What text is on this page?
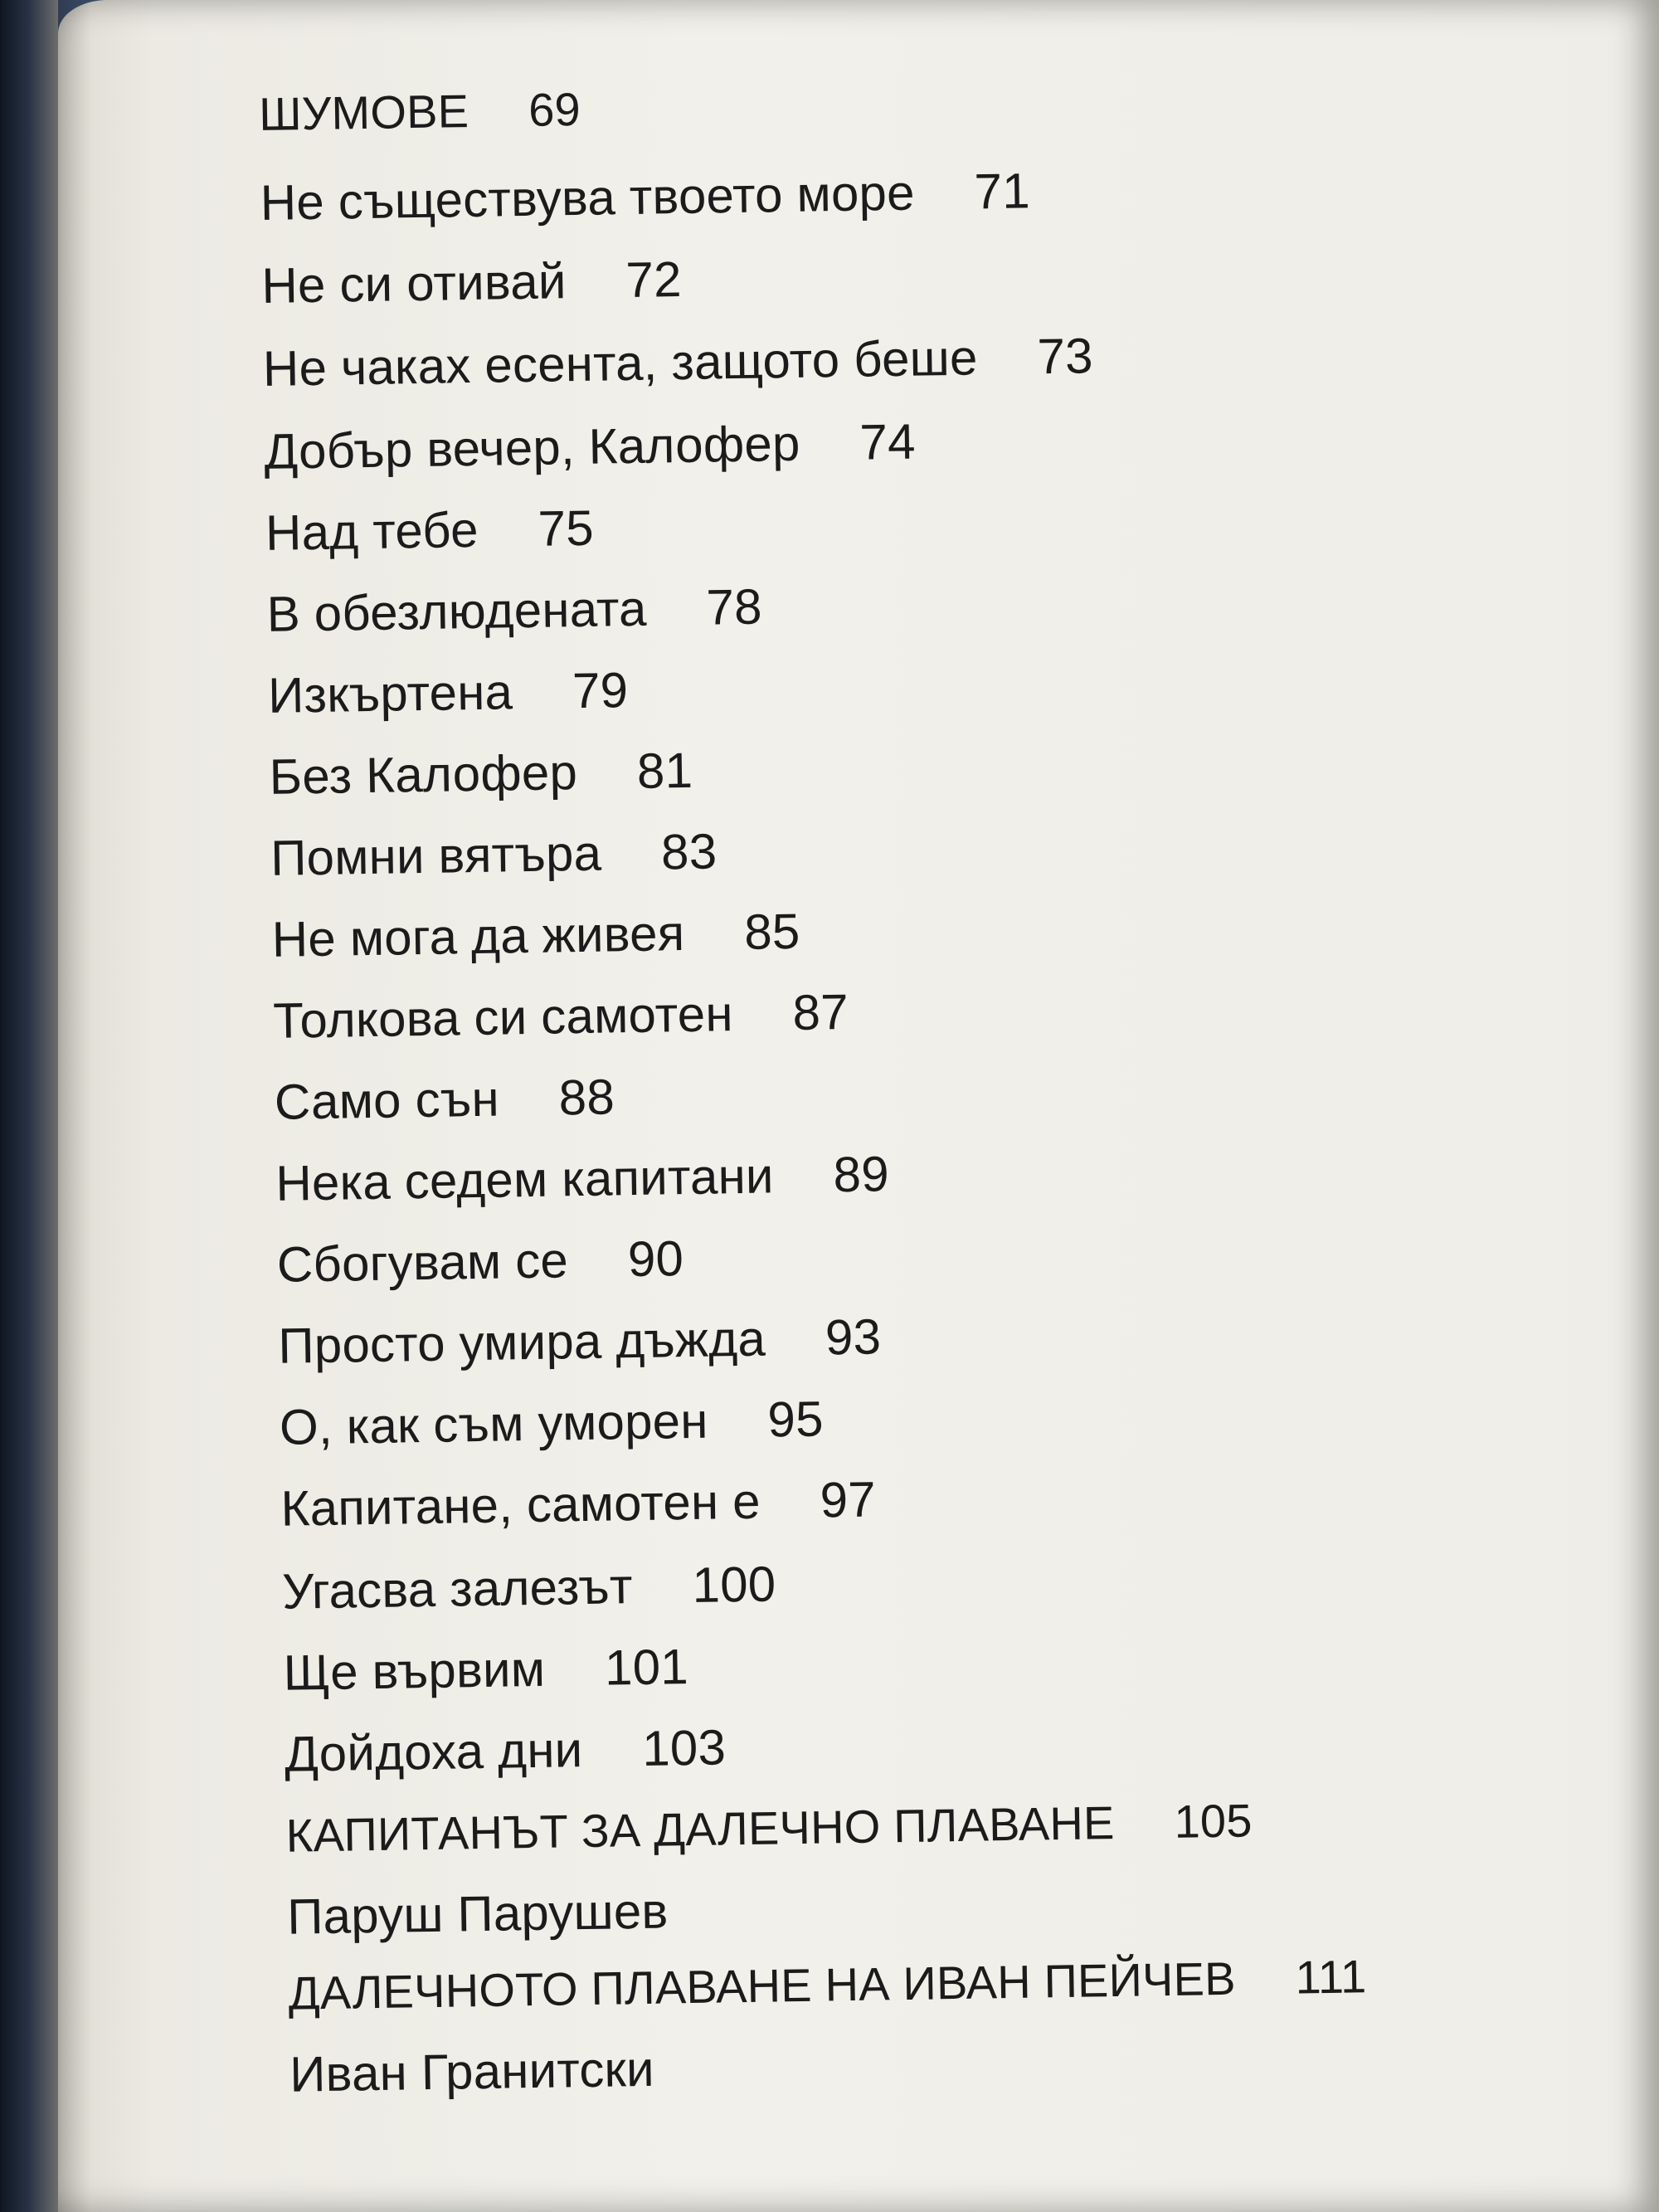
ШУМОВЕ 69
Не съществува твоето море 71
Не си отивай 72
Не чаках есента, защото беше 73
Добър вечер, Калофер 74
Над тебе 75
В обезлюдената 78
Изкъртена 79
Без Калофер 81
Помни вятъра 83
Не мога да живея 85
Толкова си самотен 87
Само сън 88
Нека седем капитани 89
Сбогувам се 90
Просто умира дъжда 93
О, как съм уморен 95
Капитане, самотен е 97
Угасва залезът 100
Ще вървим 101
Дойдоха дни 103
КАПИТАНЪТ ЗА ДАЛЕЧНО ПЛАВАНЕ 105
Паруш Парушев
ДАЛЕЧНОТО ПЛАВАНЕ НА ИВАН ПЕЙЧЕВ 111
Иван Гранитски
